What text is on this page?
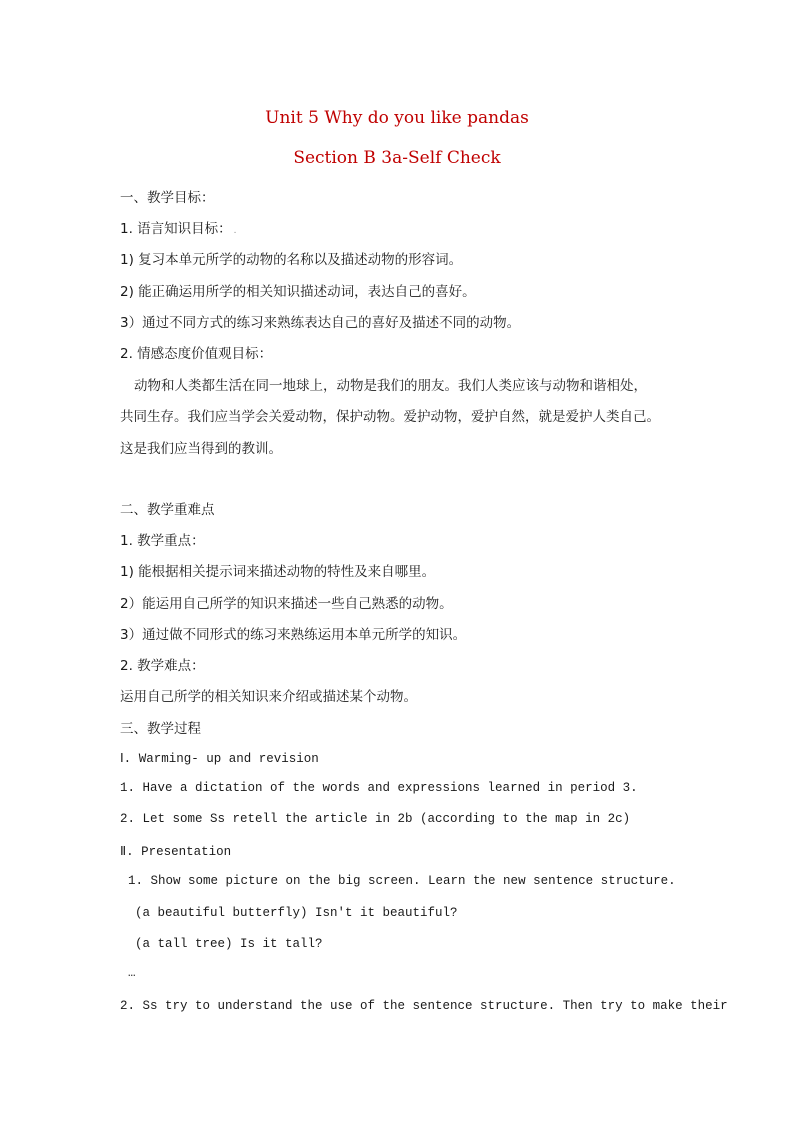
Unit 5 Why do you like pandas
Section B 3a-Self Check
一、教学目标：
1. 语言知识目标： .
1) 复习本单元所学的动物的名称以及描述动物的形容词。
2) 能正确运用所学的相关知识描述动词，表达自己的喜好。
3）通过不同方式的练习来熟练表达自己的喜好及描述不同的动物。
2. 情感态度价值观目标：
动物和人类都生活在同一地球上，动物是我们的朋友。我们人类应该与动物和谐相处，
共同生存。我们应当学会关爱动物，保护动物。爱护动物，爱护自然，就是爱护人类自己。
这是我们应当得到的教训。
二、教学重难点
1. 教学重点：
1) 能根据相关提示词来描述动物的特性及来自哪里。
2）能运用自己所学的知识来描述一些自己熟悉的动物。
3）通过做不同形式的练习来熟练运用本单元所学的知识。
2. 教学难点：
运用自己所学的相关知识来介绍或描述某个动物。
三、教学过程
Ⅰ. Warming- up and revision
1. Have a dictation of the words and expressions learned in period 3.
2. Let some Ss retell the article in 2b (according to the map in 2c)
Ⅱ. Presentation
1. Show some picture on the big screen. Learn the new sentence structure.
(a beautiful butterfly) Isn't it beautiful?
(a tall tree) Is it tall?
…
2. Ss try to understand the use of the sentence structure. Then try to make their
